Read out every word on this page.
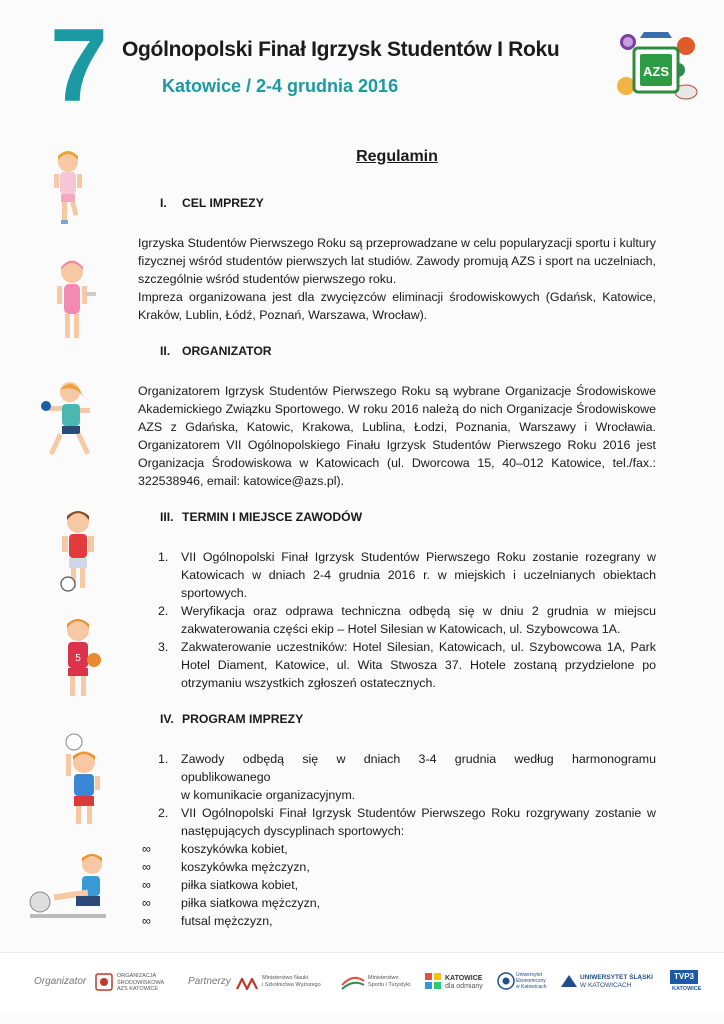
7 Ogólnopolski Finał Igrzysk Studentów I Roku
Katowice / 2-4 grudnia 2016
AZS
5
Regulamin
I.	CEL IMPREZY
Igrzyska Studentów Pierwszego Roku są przeprowadzane w celu popularyzacji sportu i kultury fizycznej wśród studentów pierwszych lat studiów. Zawody promują AZS i sport na uczelniach, szczególnie wśród studentów pierwszego roku.
Impreza organizowana jest dla zwycięzców eliminacji środowiskowych (Gdańsk, Katowice, Kraków, Lublin, Łódź, Poznań, Warszawa, Wrocław).
II. ORGANIZATOR
Organizatorem Igrzysk Studentów Pierwszego Roku są wybrane Organizacje Środowiskowe Akademickiego Związku Sportowego. W roku 2016 należą do nich Organizacje Środowiskowe AZS z Gdańska, Katowic, Krakowa, Lublina, Łodzi, Poznania, Warszawy i Wrocławia. Organizatorem VII Ogólnopolskiego Finału Igrzysk Studentów Pierwszego Roku 2016 jest Organizacja Środowiskowa w Katowicach (ul. Dworcowa 15, 40–012 Katowice, tel./fax.: 322538946, email: katowice@azs.pl).
III. TERMIN I MIEJSCE ZAWODÓW
1.	VII Ogólnopolski Finał Igrzysk Studentów Pierwszego Roku zostanie rozegrany w Katowicach w dniach 2-4 grudnia 2016 r. w miejskich i uczelnianych obiektach sportowych.
2.	Weryfikacja oraz odprawa techniczna odbędą się w dniu 2 grudnia w miejscu zakwaterowania części ekip – Hotel Silesian w Katowicach, ul. Szybowcowa 1A.
3.	Zakwaterowanie uczestników: Hotel Silesian, Katowicach, ul. Szybowcowa 1A, Park Hotel Diament, Katowice, ul. Wita Stwosza 37. Hotele zostaną przydzielone po otrzymaniu wszystkich zgłoszeń ostatecznych.
IV. PROGRAM IMPREZY
1.	Zawody odbędą się w dniach 3-4 grudnia według harmonogramu
opublikowanego
w komunikacie organizacyjnym.
2.	VII Ogólnopolski Finał Igrzysk Studentów Pierwszego Roku rozgrywany zostanie w następujących dyscyplinach sportowych:
∞	koszykówka kobiet,
∞	koszykówka mężczyzn,
∞	piłka siatkowa kobiet,
∞	piłka siatkowa mężczyzn,
∞	futsal mężczyzn,
Organizator	ORGANIZACJA
ŚRODOWISKOWA
AZS KATOWICE
Partnerzy	Ministerstwo Nauki
i Szkolnictwa Wyższego
Ministerstwo
Sportu i Turystyki
KATOWICE
dla odmiany
Uniwersytet
Ekonomiczny
w Katowicach
UNIWERSYTET ŚLĄSKI
W KATOWICACH
TVP3
KATOWICE
